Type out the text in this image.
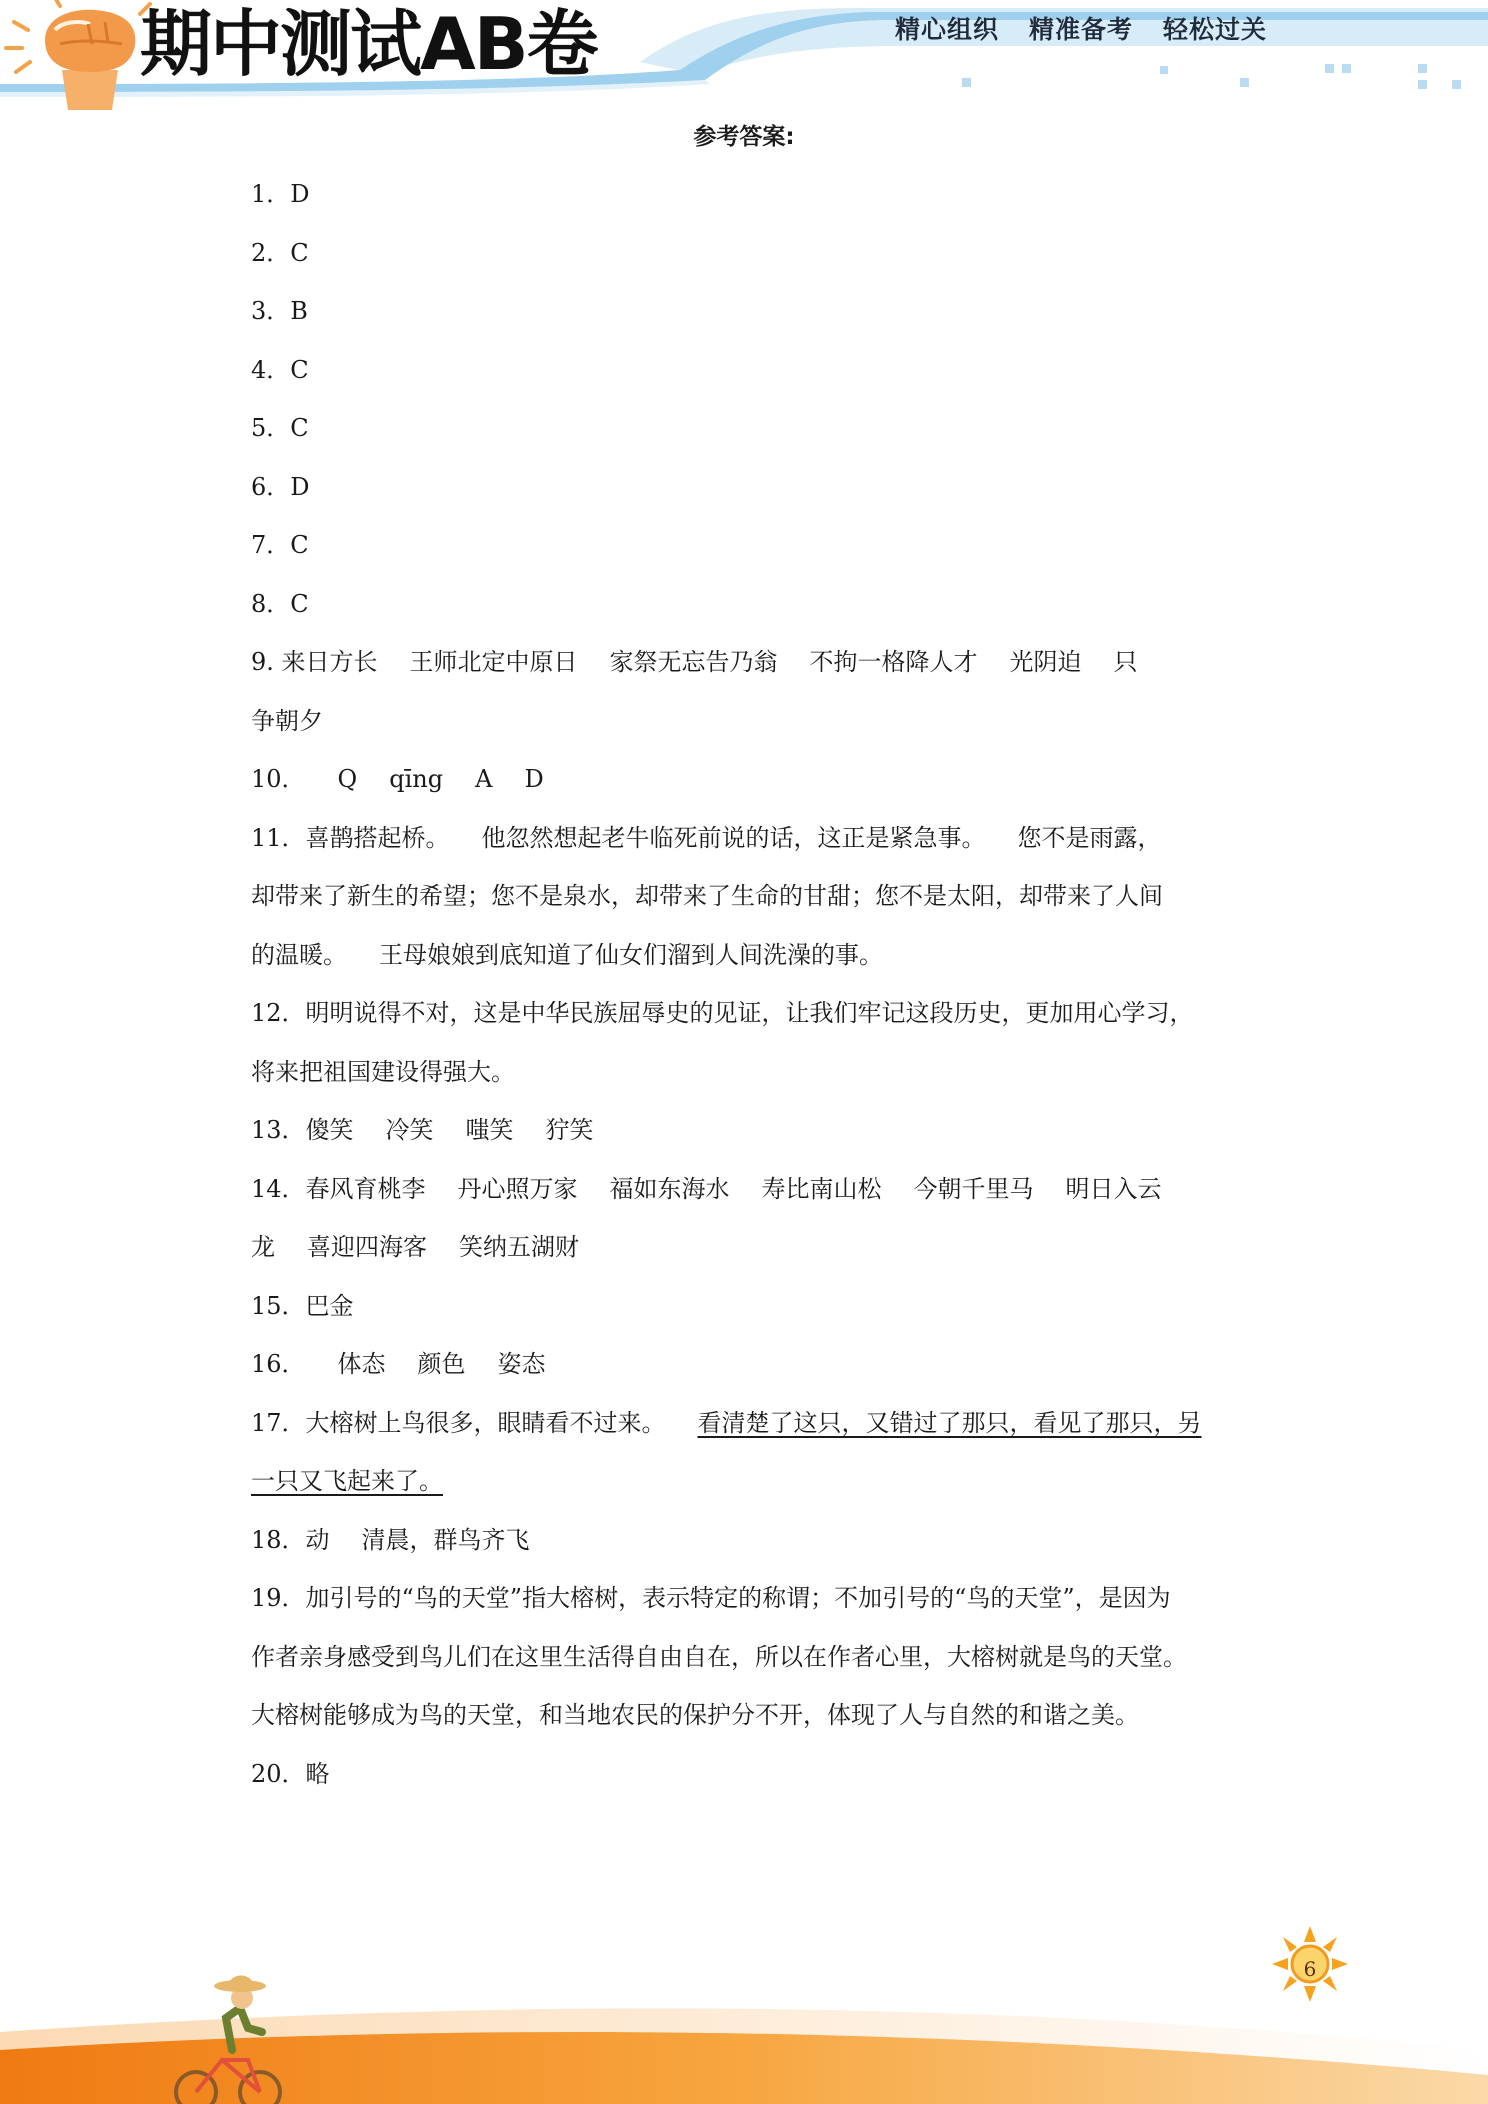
期中测试AB卷	精心组织 精准备考 轻松过关
参考答案:

1．D

2．C

3．B

4．C

5．C

6．D

7．C

8．C

9. 来日方长 王师北定中原日 家祭无忘告乃翁 不拘一格降人才 光阴迫 只

争朝夕

10． Q qīng A D

11．喜鹊搭起桥。 他忽然想起老牛临死前说的话，这正是紧急事。 您不是雨露，

却带来了新生的希望；您不是泉水，却带来了生命的甘甜；您不是太阳，却带来了人间

的温暖。 王母娘娘到底知道了仙女们溜到人间洗澡的事。

12．明明说得不对，这是中华民族屈辱史的见证，让我们牢记这段历史，更加用心学习，

将来把祖国建设得强大。

13．傻笑 冷笑 嗤笑 狞笑

14．春风育桃李 丹心照万家 福如东海水 寿比南山松 今朝千里马 明日入云

龙 喜迎四海客 笑纳五湖财

15．巴金

16． 体态 颜色 姿态

17．大榕树上鸟很多，眼睛看不过来。 看清楚了这只，又错过了那只，看见了那只，另

一只又飞起来了。

18．动 清晨，群鸟齐飞

19．加引号的“鸟的天堂”指大榕树，表示特定的称谓；不加引号的“鸟的天堂”，是因为

作者亲身感受到鸟儿们在这里生活得自由自在，所以在作者心里，大榕树就是鸟的天堂。

大榕树能够成为鸟的天堂，和当地农民的保护分不开，体现了人与自然的和谐之美。

20．略

6
